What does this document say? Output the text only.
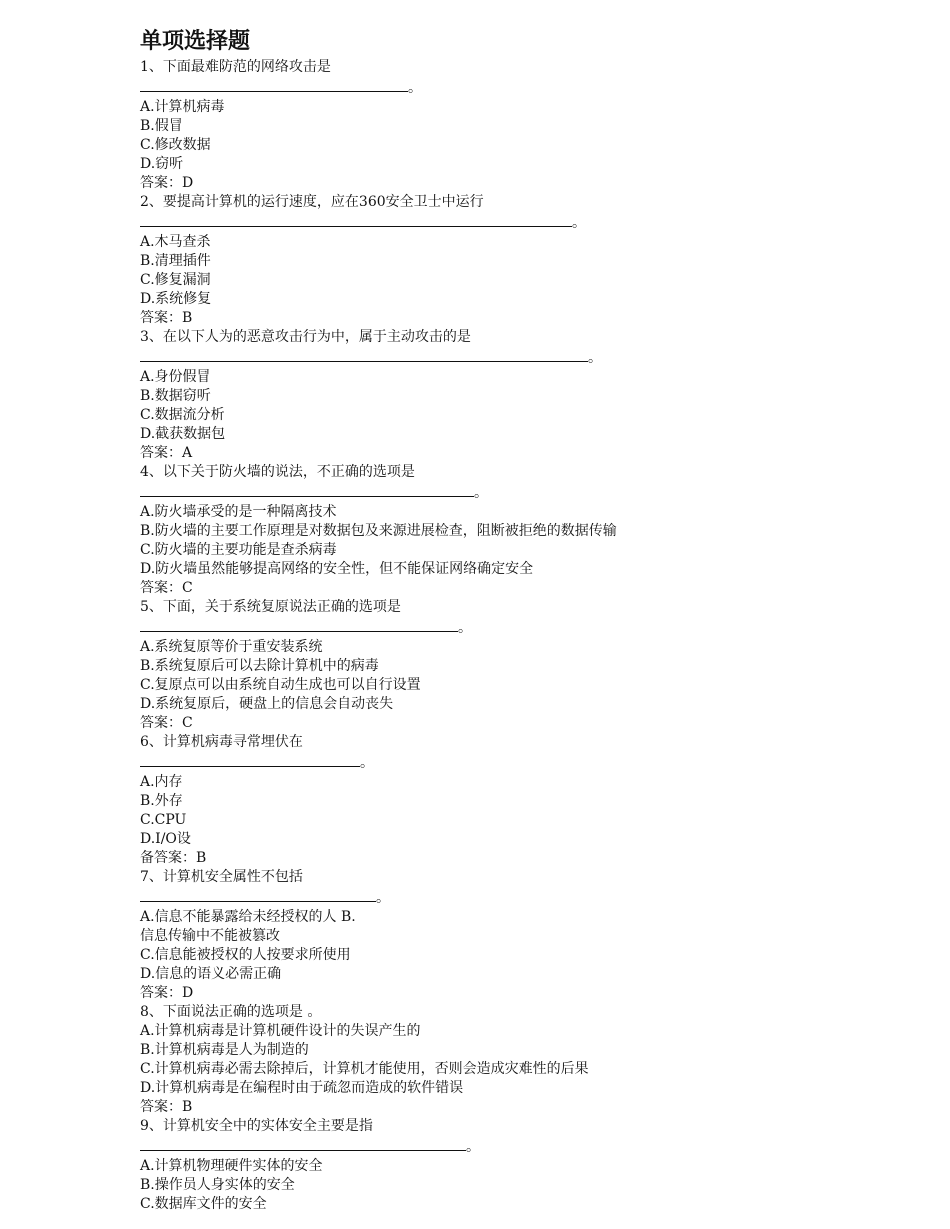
单项选择题
1、下面最难防范的网络攻击是
。
A.计算机病毒
B.假冒
C.修改数据
D.窃听
答案：D
2、要提高计算机的运行速度，应在360安全卫士中运行
。
A.木马查杀
B.清理插件
C.修复漏洞
D.系统修复
答案：B
3、在以下人为的恶意攻击行为中，属于主动攻击的是
。
A.身份假冒
B.数据窃听
C.数据流分析
D.截获数据包
答案：A
4、以下关于防火墙的说法，不正确的选项是
。
A.防火墙承受的是一种隔离技术
B.防火墙的主要工作原理是对数据包及来源进展检查，阻断被拒绝的数据传输
C.防火墙的主要功能是查杀病毒
D.防火墙虽然能够提高网络的安全性，但不能保证网络确定安全
答案：C
5、下面，关于系统复原说法正确的选项是
。
A.系统复原等价于重安装系统
B.系统复原后可以去除计算机中的病毒
C.复原点可以由系统自动生成也可以自行设置
D.系统复原后，硬盘上的信息会自动丧失
答案：C
6、计算机病毒寻常埋伏在
。
A.内存
B.外存
C.CPU
D.I/O设
备答案：B
7、计算机安全属性不包括
。
A.信息不能暴露给未经授权的人 B.
信息传输中不能被篡改
C.信息能被授权的人按要求所使用
D.信息的语义必需正确
答案：D
8、下面说法正确的选项是 。
A.计算机病毒是计算机硬件设计的失误产生的
B.计算机病毒是人为制造的
C.计算机病毒必需去除掉后，计算机才能使用，否则会造成灾难性的后果
D.计算机病毒是在编程时由于疏忽而造成的软件错误
答案：B
9、计算机安全中的实体安全主要是指
。
A.计算机物理硬件实体的安全
B.操作员人身实体的安全
C.数据库文件的安全
